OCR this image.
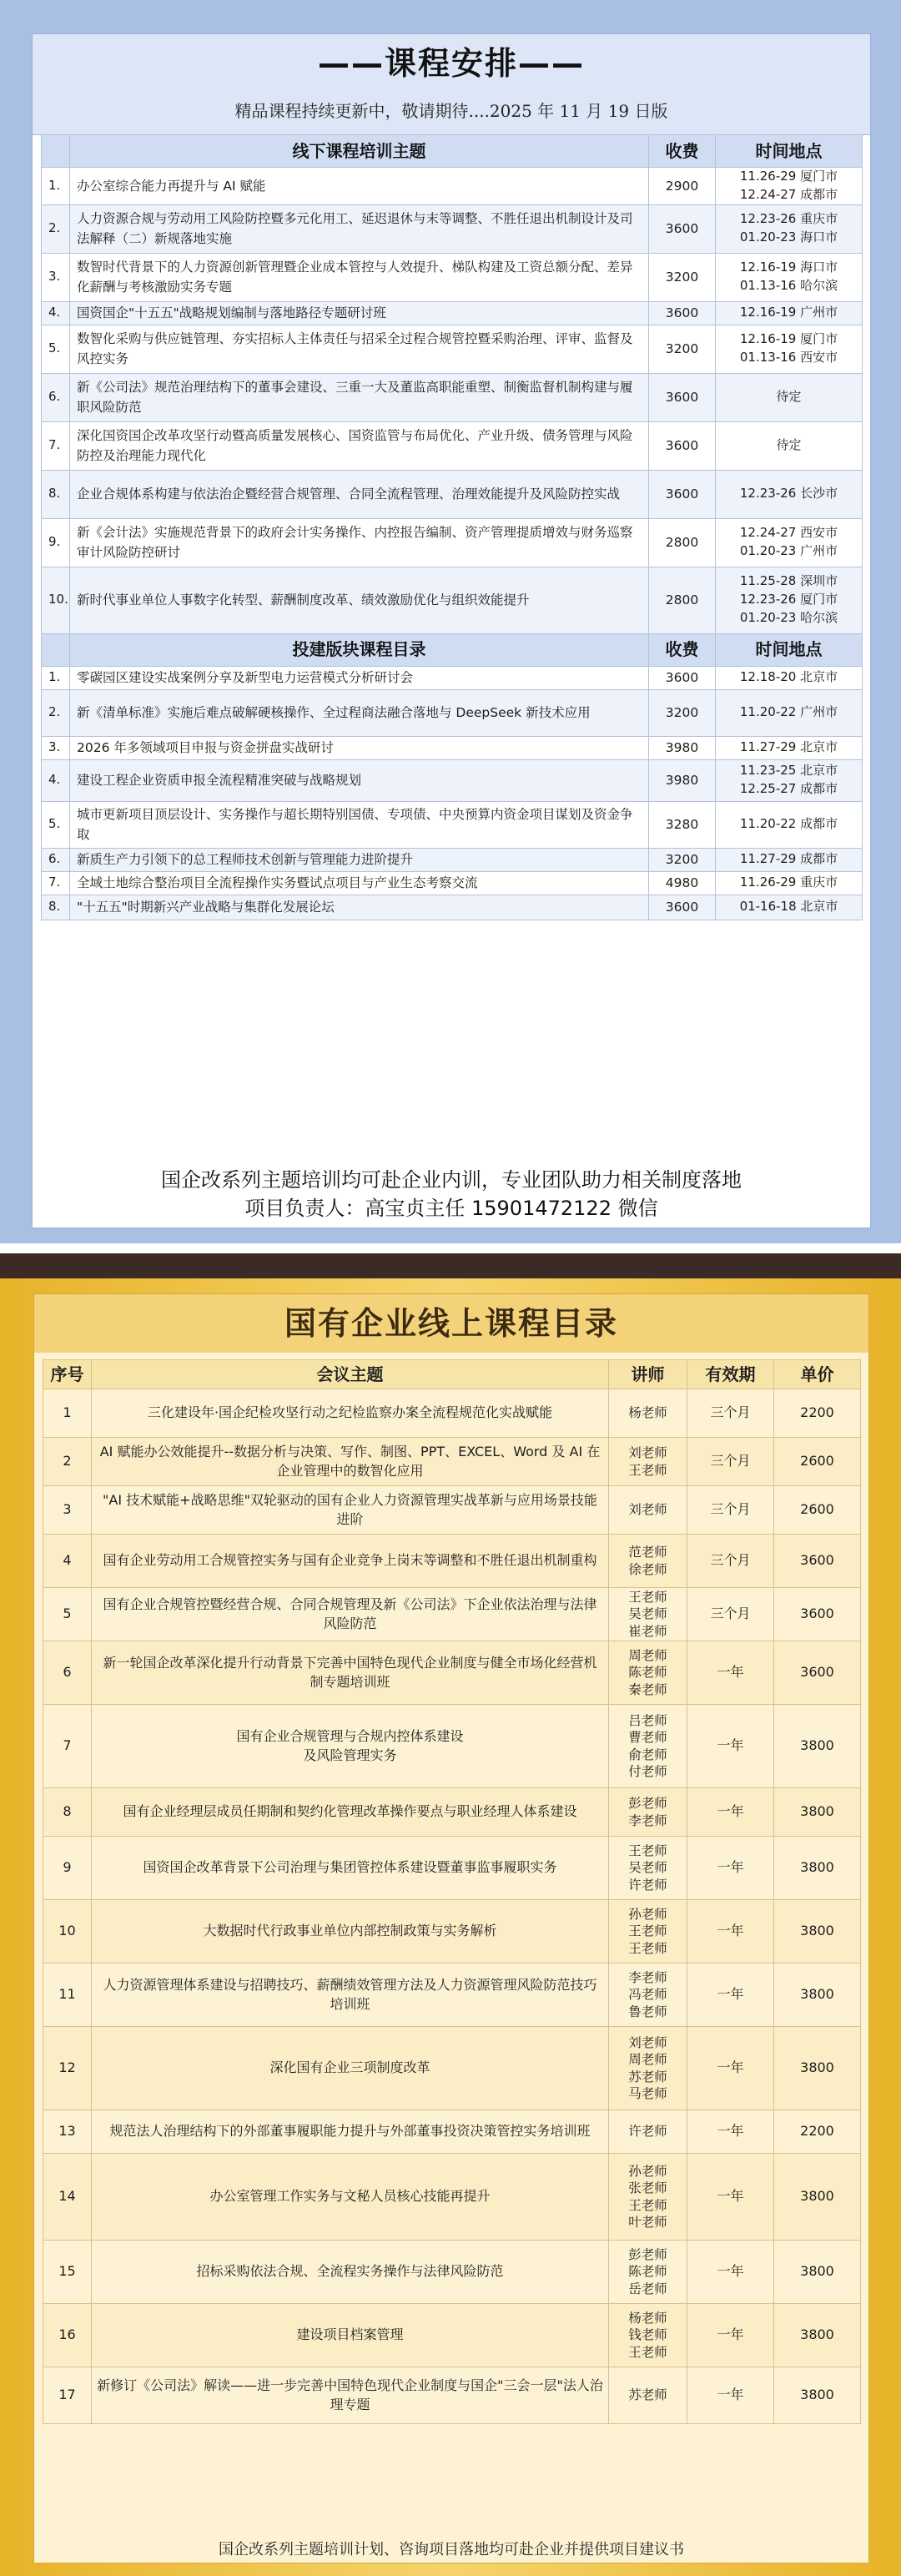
——课程安排——
精品课程持续更新中，敬请期待....2025 年 11 月 19 日版
	线下课程培训主题	收费	时间地点
1.	办公室综合能力再提升与 AI 赋能	2900	11.26-29 厦门市
12.24-27 成都市
2.	人力资源合规与劳动用工风险防控暨多元化用工、延迟退休与末等调整、不胜任退出机制设计及司法解释（二）新规落地实施	3600	12.23-26 重庆市
01.20-23 海口市
3.	数智时代背景下的人力资源创新管理暨企业成本管控与人效提升、梯队构建及工资总额分配、差异化薪酬与考核激励实务专题	3200	12.16-19 海口市
01.13-16 哈尔滨
4.	国资国企"十五五"战略规划编制与落地路径专题研讨班	3600	12.16-19 广州市
5.	数智化采购与供应链管理、夯实招标人主体责任与招采全过程合规管控暨采购治理、评审、监督及风控实务	3200	12.16-19 厦门市
01.13-16 西安市
6.	新《公司法》规范治理结构下的董事会建设、三重一大及董监高职能重塑、制衡监督机制构建与履职风险防范	3600	待定
7.	深化国资国企改革攻坚行动暨高质量发展核心、国资监管与布局优化、产业升级、债务管理与风险防控及治理能力现代化	3600	待定
8.	企业合规体系构建与依法治企暨经营合规管理、合同全流程管理、治理效能提升及风险防控实战	3600	12.23-26 长沙市
9.	新《会计法》实施规范背景下的政府会计实务操作、内控报告编制、资产管理提质增效与财务巡察审计风险防控研讨	2800	12.24-27 西安市
01.20-23 广州市
10.	新时代事业单位人事数字化转型、薪酬制度改革、绩效激励优化与组织效能提升	2800	11.25-28 深圳市
12.23-26 厦门市
01.20-23 哈尔滨
	投建版块课程目录	收费	时间地点
1.	零碳园区建设实战案例分享及新型电力运营模式分析研讨会	3600	12.18-20 北京市
2.	新《清单标准》实施后难点破解硬核操作、全过程商法融合落地与 DeepSeek 新技术应用	3200	11.20-22 广州市
3.	2026 年多领域项目申报与资金拼盘实战研讨	3980	11.27-29 北京市
4.	建设工程企业资质申报全流程精准突破与战略规划	3980	11.23-25 北京市
12.25-27 成都市
5.	城市更新项目顶层设计、实务操作与超长期特别国债、专项债、中央预算内资金项目谋划及资金争取	3280	11.20-22 成都市
6.	新质生产力引领下的总工程师技术创新与管理能力进阶提升	3200	11.27-29 成都市
7.	全域土地综合整治项目全流程操作实务暨试点项目与产业生态考察交流	4980	11.26-29 重庆市
8.	"十五五"时期新兴产业战略与集群化发展论坛	3600	01-16-18 北京市
国企改系列主题培训均可赴企业内训，专业团队助力相关制度落地
项目负责人：高宝贞主任 15901472122 微信
国有企业线上课程目录
序号	会议主题	讲师	有效期	单价
1	三化建设年·国企纪检攻坚行动之纪检监察办案全流程规范化实战赋能	杨老师	三个月	2200
2	AI 赋能办公效能提升--数据分析与决策、写作、制图、PPT、EXCEL、Word 及 AI 在企业管理中的数智化应用	刘老师
王老师	三个月	2600
3	"AI 技术赋能+战略思维"双轮驱动的国有企业人力资源管理实战革新与应用场景技能进阶	刘老师	三个月	2600
4	国有企业劳动用工合规管控实务与国有企业竞争上岗末等调整和不胜任退出机制重构	范老师
徐老师	三个月	3600
5	国有企业合规管控暨经营合规、合同合规管理及新《公司法》下企业依法治理与法律风险防范	王老师
吴老师
崔老师	三个月	3600
6	新一轮国企改革深化提升行动背景下完善中国特色现代企业制度与健全市场化经营机制专题培训班	周老师
陈老师
秦老师	一年	3600
7	国有企业合规管理与合规内控体系建设
及风险管理实务	吕老师
曹老师
俞老师
付老师	一年	3800
8	国有企业经理层成员任期制和契约化管理改革操作要点与职业经理人体系建设	彭老师
李老师	一年	3800
9	国资国企改革背景下公司治理与集团管控体系建设暨董事监事履职实务	王老师
吴老师
许老师	一年	3800
10	大数据时代行政事业单位内部控制政策与实务解析	孙老师
王老师
王老师	一年	3800
11	人力资源管理体系建设与招聘技巧、薪酬绩效管理方法及人力资源管理风险防范技巧培训班	李老师
冯老师
鲁老师	一年	3800
12	深化国有企业三项制度改革	刘老师
周老师
苏老师
马老师	一年	3800
13	规范法人治理结构下的外部董事履职能力提升与外部董事投资决策管控实务培训班	许老师	一年	2200
14	办公室管理工作实务与文秘人员核心技能再提升	孙老师
张老师
王老师
叶老师	一年	3800
15	招标采购依法合规、全流程实务操作与法律风险防范	彭老师
陈老师
岳老师	一年	3800
16	建设项目档案管理	杨老师
钱老师
王老师	一年	3800
17	新修订《公司法》解读——进一步完善中国特色现代企业制度与国企"三会一层"法人治理专题	苏老师	一年	3800
国企改系列主题培训计划、咨询项目落地均可赴企业并提供项目建议书
